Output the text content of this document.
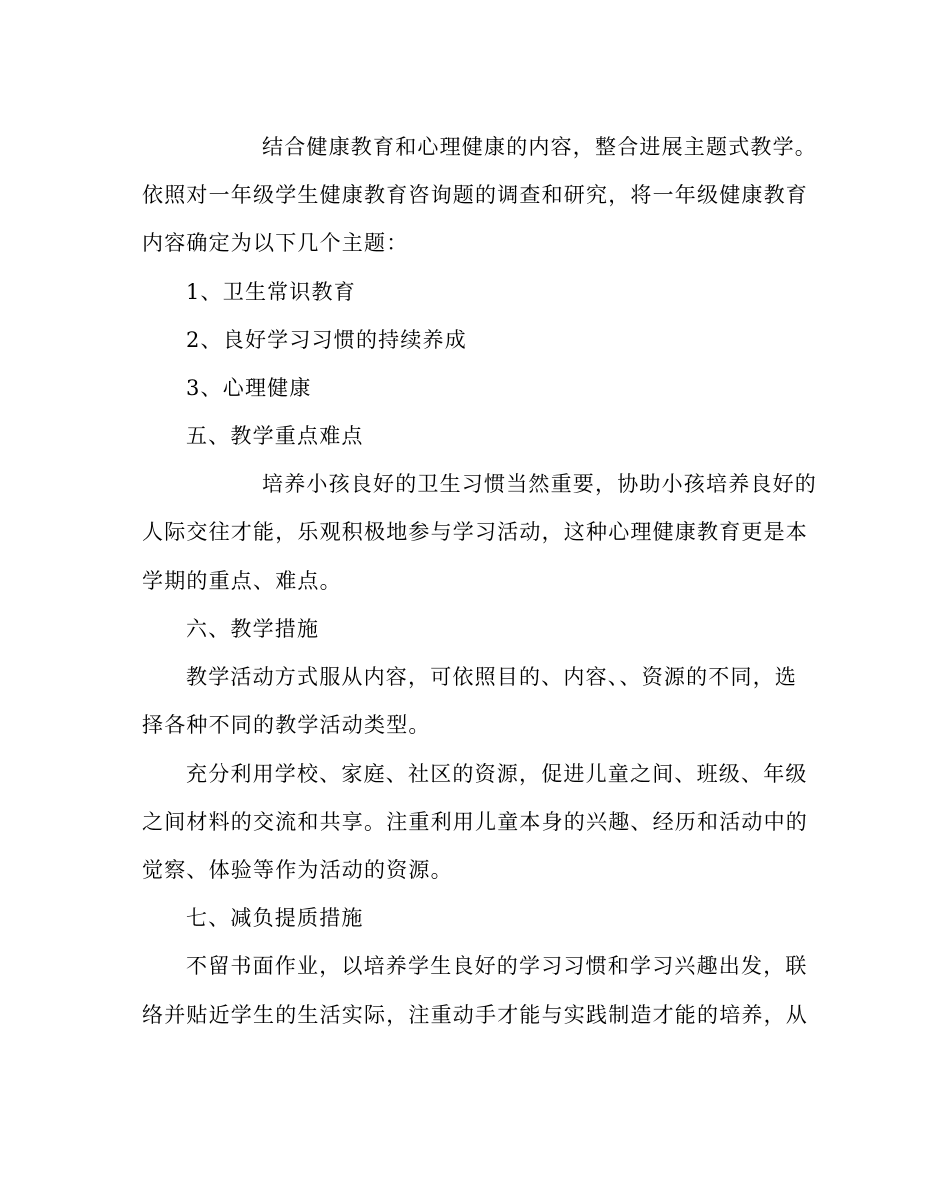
结合健康教育和心理健康的内容，整合进展主题式教学。
依照对一年级学生健康教育咨询题的调查和研究，将一年级健康教育
内容确定为以下几个主题：
1、卫生常识教育
2、良好学习习惯的持续养成
3、心理健康
五、教学重点难点
培养小孩良好的卫生习惯当然重要，协助小孩培养良好的
人际交往才能，乐观积极地参与学习活动，这种心理健康教育更是本
学期的重点、难点。
六、教学措施
教学活动方式服从内容，可依照目的、内容、、资源的不同，选
择各种不同的教学活动类型。
充分利用学校、家庭、社区的资源，促进儿童之间、班级、年级
之间材料的交流和共享。注重利用儿童本身的兴趣、经历和活动中的
觉察、体验等作为活动的资源。
七、减负提质措施
不留书面作业，以培养学生良好的学习习惯和学习兴趣出发，联
络并贴近学生的生活实际，注重动手才能与实践制造才能的培养，从
